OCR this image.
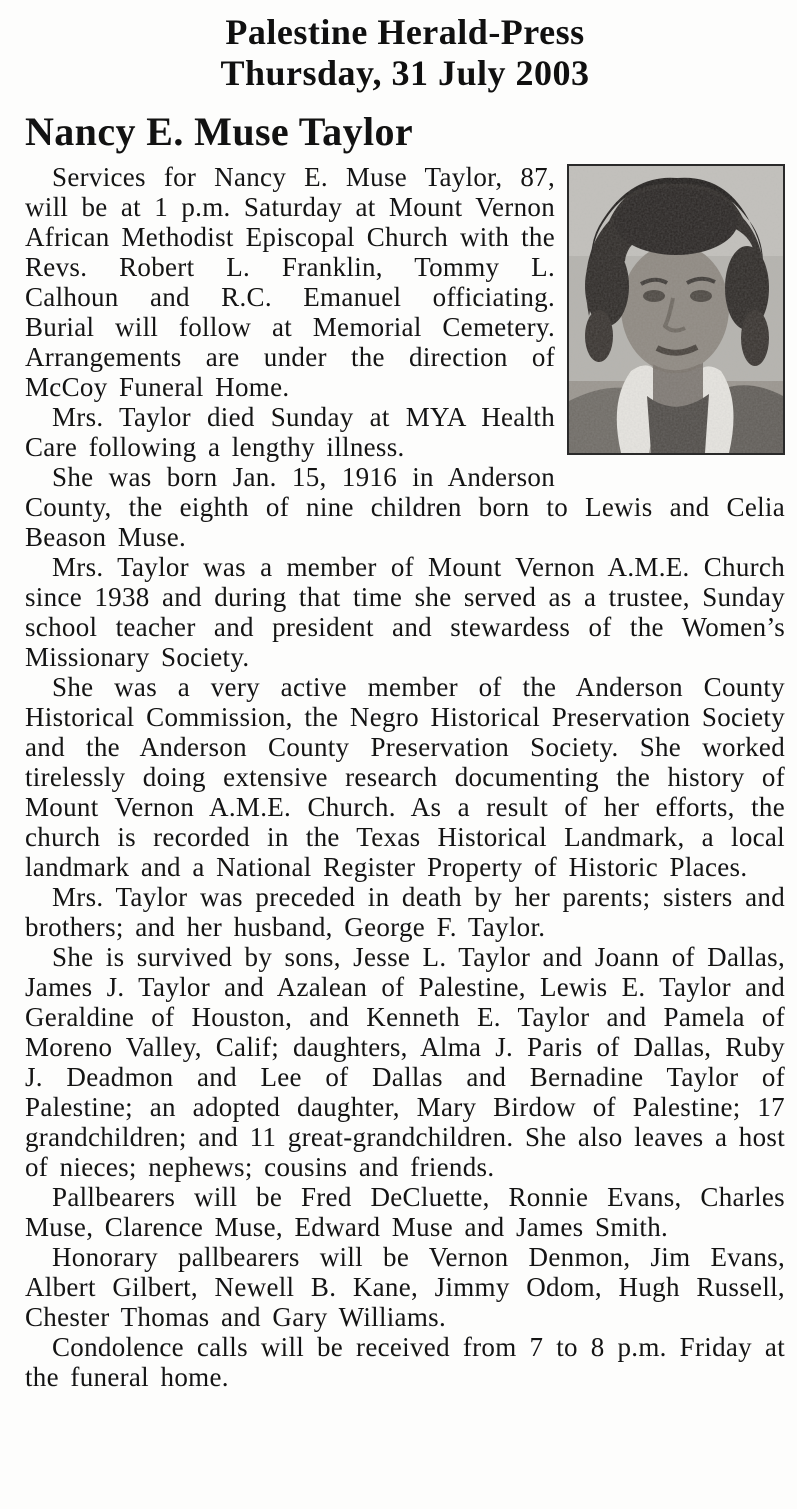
Palestine Herald-Press
Thursday, 31 July 2003
Nancy E. Muse Taylor

Services for Nancy E. Muse Taylor, 87, will be at 1 p.m. Saturday at Mount Vernon African Methodist Episcopal Church with the Revs. Robert L. Franklin, Tommy L. Calhoun and R.C. Emanuel officiating. Burial will follow at Memorial Cemetery. Arrangements are under the direction of McCoy Funeral Home.

Mrs. Taylor died Sunday at MYA Health Care following a lengthy illness.

She was born Jan. 15, 1916 in Anderson County, the eighth of nine children born to Lewis and Celia Beason Muse.

Mrs. Taylor was a member of Mount Vernon A.M.E. Church since 1938 and during that time she served as a trustee, Sunday school teacher and president and stewardess of the Women’s Missionary Society.

She was a very active member of the Anderson County Historical Commission, the Negro Historical Preservation Society and the Anderson County Preservation Society. She worked tirelessly doing extensive research documenting the history of Mount Vernon A.M.E. Church. As a result of her efforts, the church is recorded in the Texas Historical Landmark, a local landmark and a National Register Property of Historic Places.

Mrs. Taylor was preceded in death by her parents; sisters and brothers; and her husband, George F. Taylor.

She is survived by sons, Jesse L. Taylor and Joann of Dallas, James J. Taylor and Azalean of Palestine, Lewis E. Taylor and Geraldine of Houston, and Kenneth E. Taylor and Pamela of Moreno Valley, Calif; daughters, Alma J. Paris of Dallas, Ruby J. Deadmon and Lee of Dallas and Bernadine Taylor of Palestine; an adopted daughter, Mary Birdow of Palestine; 17 grandchildren; and 11 great-grandchildren. She also leaves a host of nieces; nephews; cousins and friends.

Pallbearers will be Fred DeCluette, Ronnie Evans, Charles Muse, Clarence Muse, Edward Muse and James Smith.

Honorary pallbearers will be Vernon Denmon, Jim Evans, Albert Gilbert, Newell B. Kane, Jimmy Odom, Hugh Russell, Chester Thomas and Gary Williams.

Condolence calls will be received from 7 to 8 p.m. Friday at the funeral home.
